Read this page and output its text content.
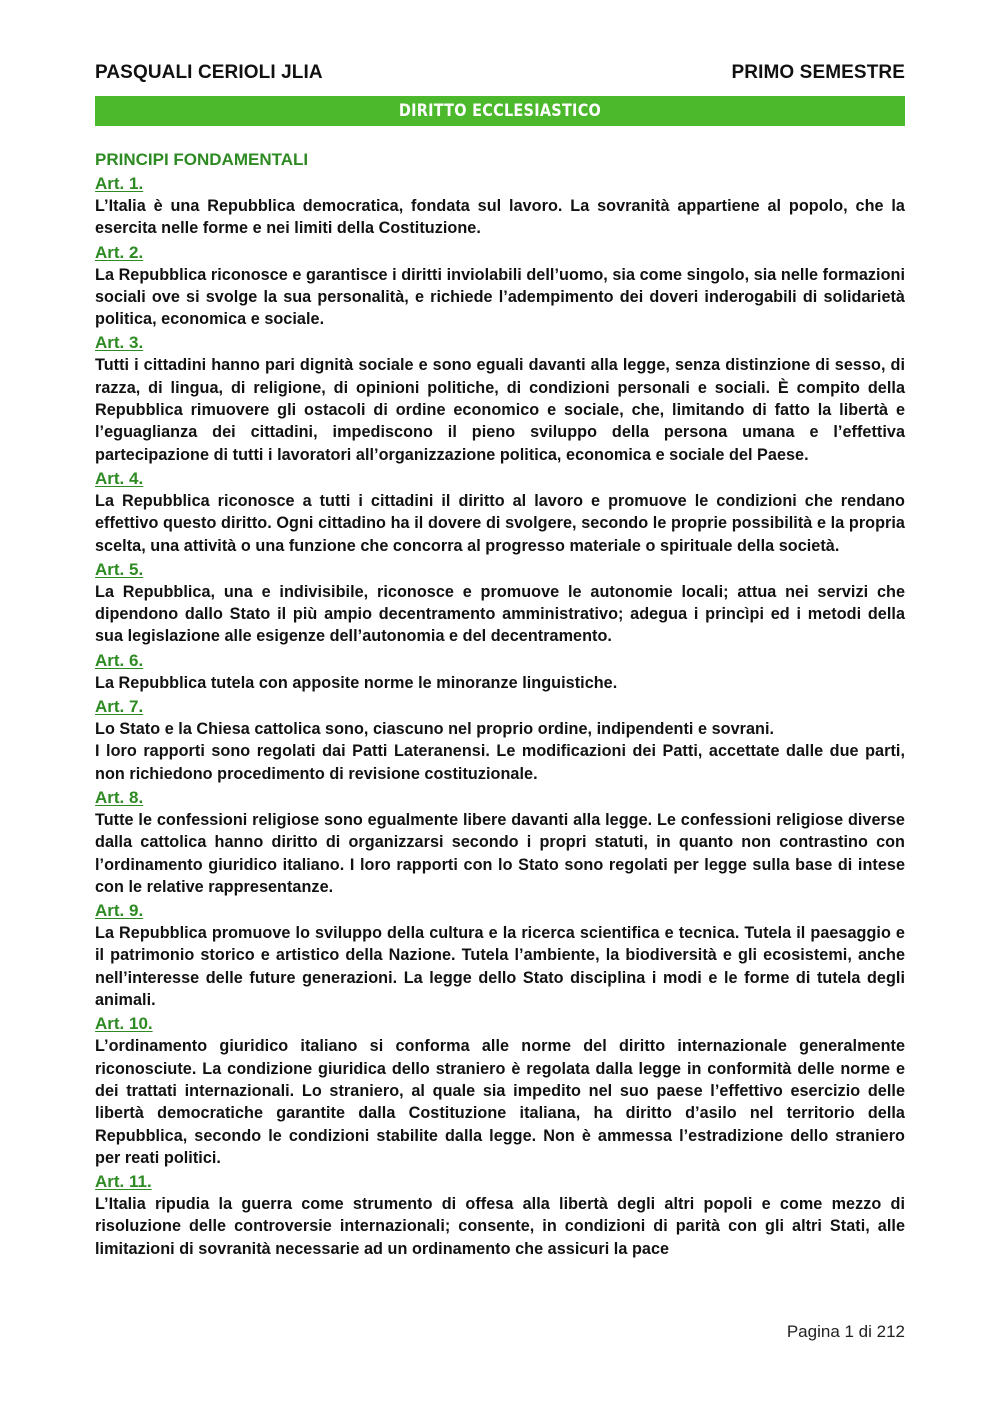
PASQUALI CERIOLI JLIA	PRIMO SEMESTRE
DIRITTO ECCLESIASTICO

PRINCIPI FONDAMENTALI

Art. 1.

L’Italia è una Repubblica democratica, fondata sul lavoro. La sovranità appartiene al popolo, che la esercita nelle forme e nei limiti della Costituzione.

Art. 2.

La Repubblica riconosce e garantisce i diritti inviolabili dell’uomo, sia come singolo, sia nelle formazioni sociali ove si svolge la sua personalità, e richiede l’adempimento dei doveri inderogabili di solidarietà politica, economica e sociale.

Art. 3.

Tutti i cittadini hanno pari dignità sociale e sono eguali davanti alla legge, senza distinzione di sesso, di razza, di lingua, di religione, di opinioni politiche, di condizioni personali e sociali. È compito della Repubblica rimuovere gli ostacoli di ordine economico e sociale, che, limitando di fatto la libertà e l’eguaglianza dei cittadini, impediscono il pieno sviluppo della persona umana e l’effettiva partecipazione di tutti i lavoratori all’organizzazione politica, economica e sociale del Paese.

Art. 4.

La Repubblica riconosce a tutti i cittadini il diritto al lavoro e promuove le condizioni che rendano effettivo questo diritto. Ogni cittadino ha il dovere di svolgere, secondo le proprie possibilità e la propria scelta, una attività o una funzione che concorra al progresso materiale o spirituale della società.

Art. 5.

La Repubblica, una e indivisibile, riconosce e promuove le autonomie locali; attua nei servizi che dipendono dallo Stato il più ampio decentramento amministrativo; adegua i princìpi ed i metodi della sua legislazione alle esigenze dell’autonomia e del decentramento.

Art. 6.

La Repubblica tutela con apposite norme le minoranze linguistiche.

Art. 7.

Lo Stato e la Chiesa cattolica sono, ciascuno nel proprio ordine, indipendenti e sovrani.

I loro rapporti sono regolati dai Patti Lateranensi. Le modificazioni dei Patti, accettate dalle due parti, non richiedono procedimento di revisione costituzionale.

Art. 8.

Tutte le confessioni religiose sono egualmente libere davanti alla legge. Le confessioni religiose diverse dalla cattolica hanno diritto di organizzarsi secondo i propri statuti, in quanto non contrastino con l’ordinamento giuridico italiano. I loro rapporti con lo Stato sono regolati per legge sulla base di intese con le relative rappresentanze.

Art. 9.

La Repubblica promuove lo sviluppo della cultura e la ricerca scientifica e tecnica. Tutela il paesaggio e il patrimonio storico e artistico della Nazione. Tutela l’ambiente, la biodiversità e gli ecosistemi, anche nell’interesse delle future generazioni. La legge dello Stato disciplina i modi e le forme di tutela degli animali.

Art. 10.

L’ordinamento giuridico italiano si conforma alle norme del diritto internazionale generalmente riconosciute. La condizione giuridica dello straniero è regolata dalla legge in conformità delle norme e dei trattati internazionali. Lo straniero, al quale sia impedito nel suo paese l’effettivo esercizio delle libertà democratiche garantite dalla Costituzione italiana, ha diritto d’asilo nel territorio della Repubblica, secondo le condizioni stabilite dalla legge. Non è ammessa l’estradizione dello straniero per reati politici.

Art. 11.

L’Italia ripudia la guerra come strumento di offesa alla libertà degli altri popoli e come mezzo di risoluzione delle controversie internazionali; consente, in condizioni di parità con gli altri Stati, alle limitazioni di sovranità necessarie ad un ordinamento che assicuri la pace

Pagina 1 di 212
